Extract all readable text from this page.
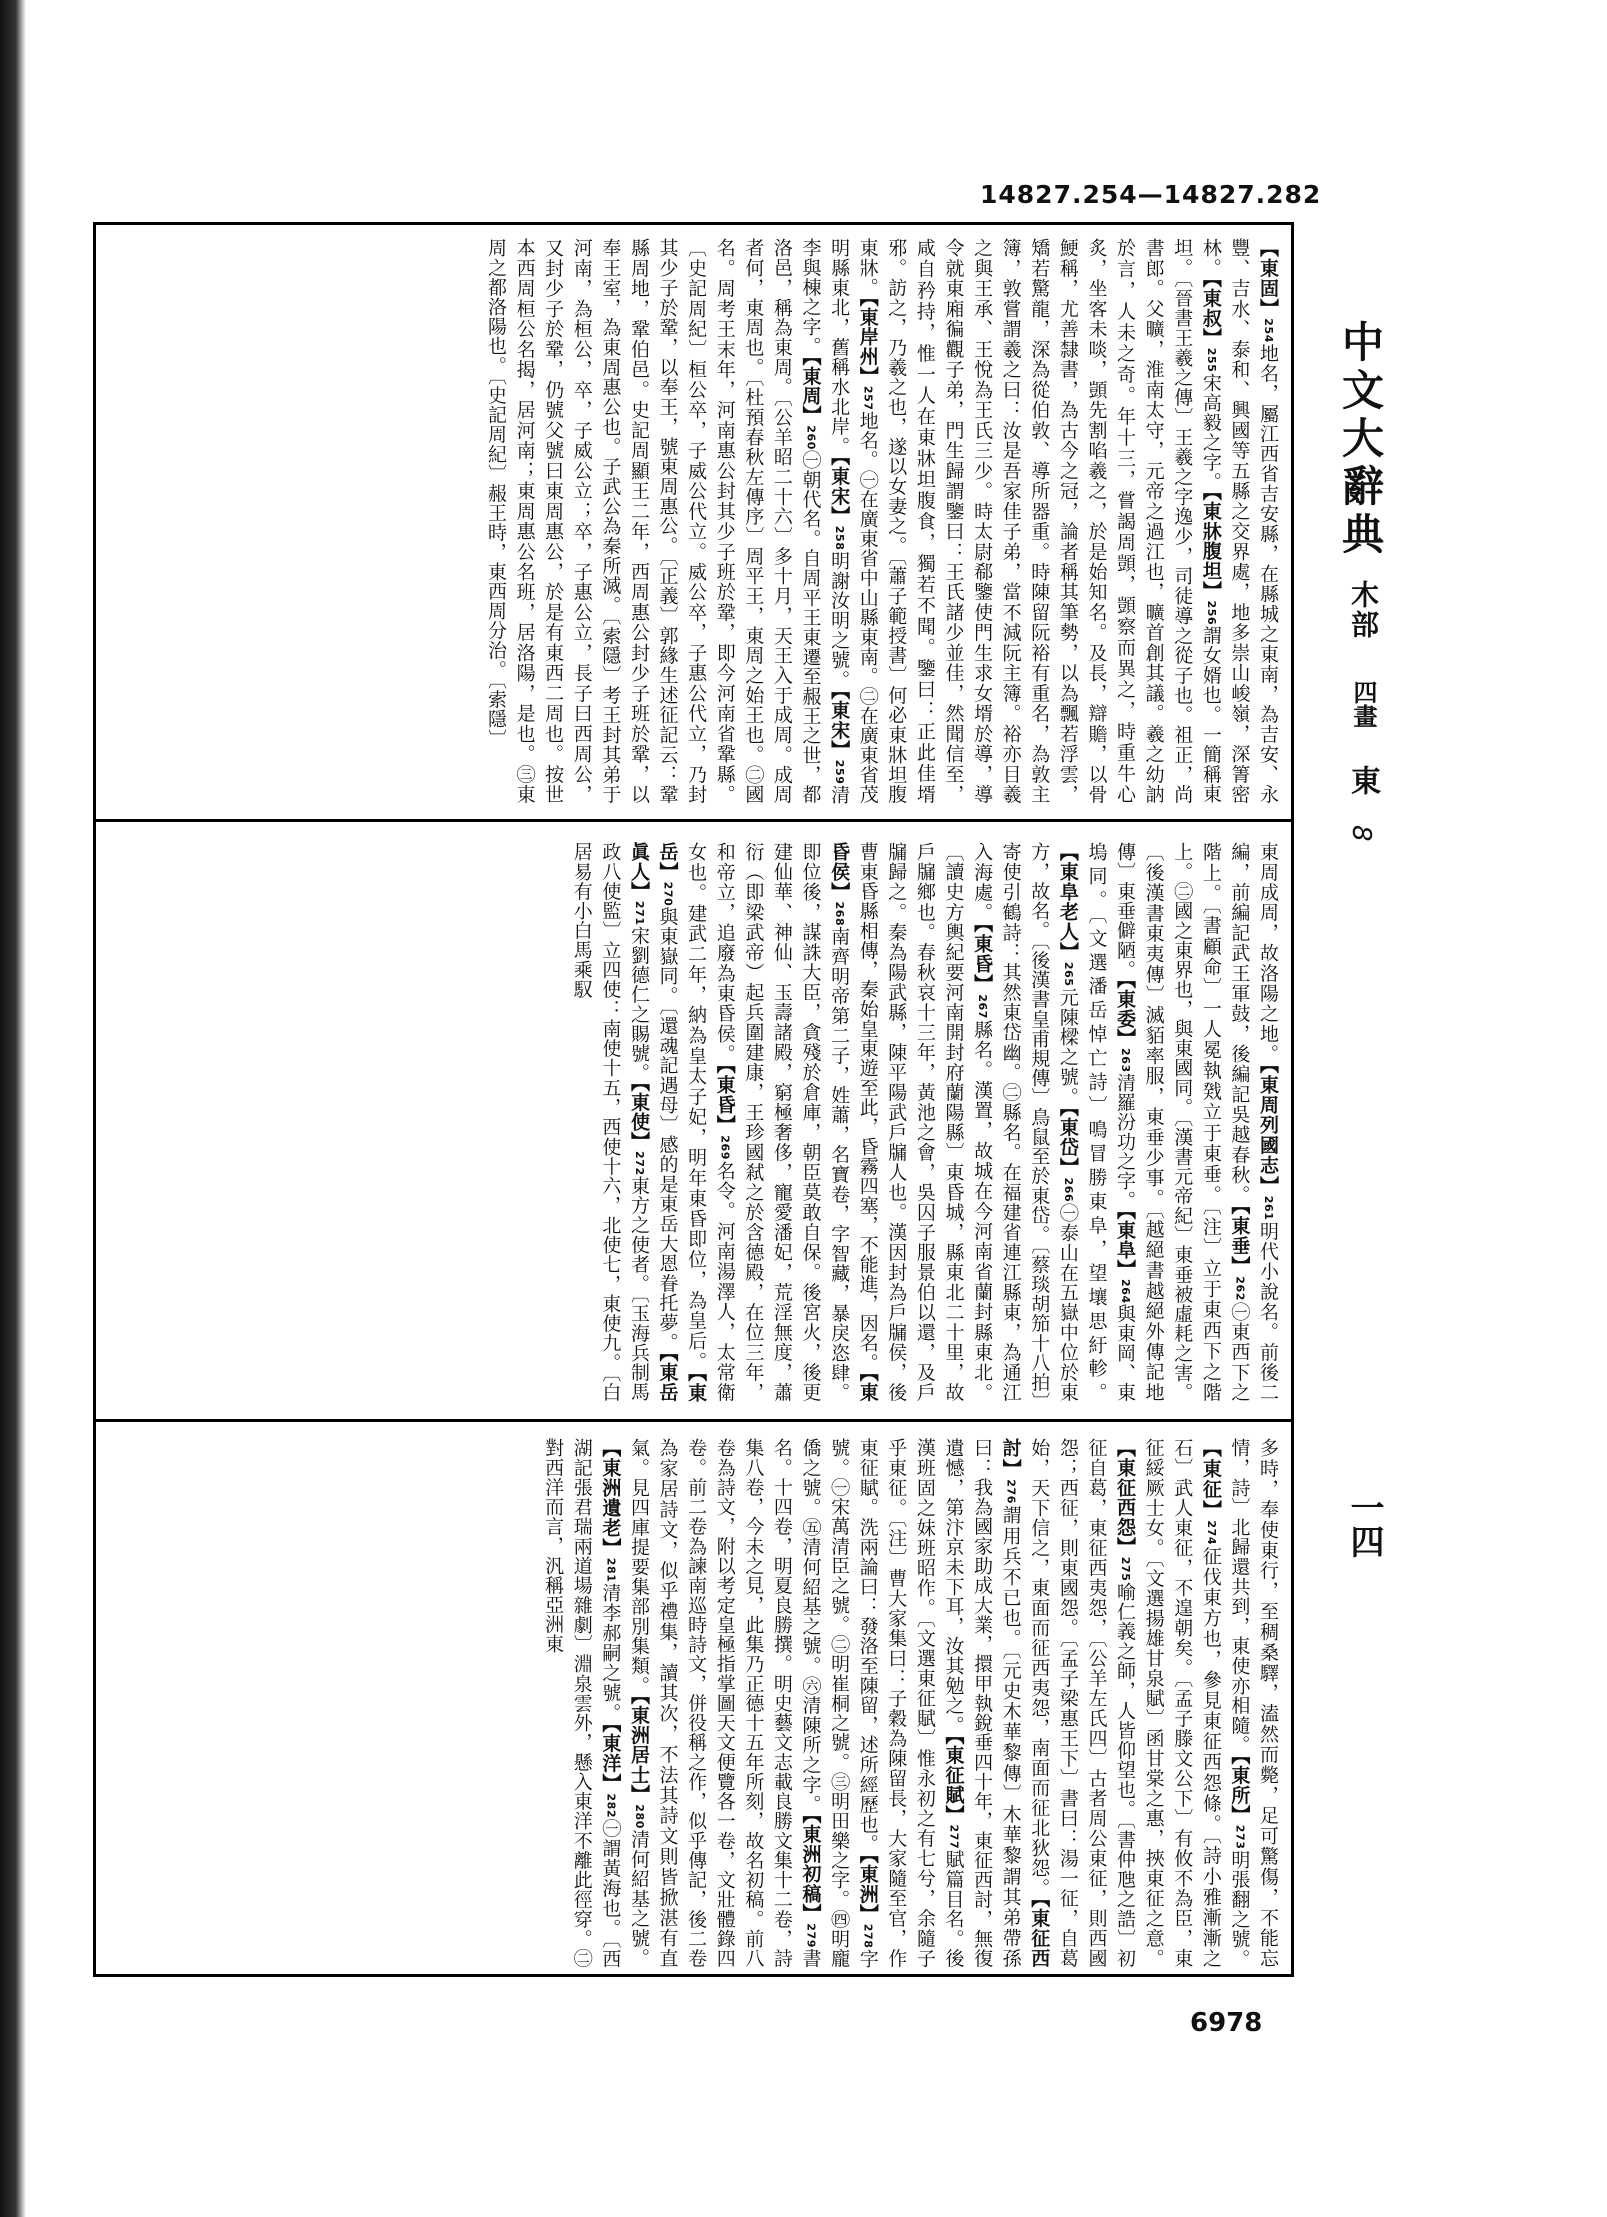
14827.254—14827.282
中文大辭典
木部
四畫
東
8
一四
【東固】254地名，屬江西省吉安縣，在縣城之東南，為吉安、永豐、吉水、泰和、興國等五縣之交界處，地多崇山峻嶺，深箐密林。【東叔】255宋高毅之字。【東牀腹坦】256謂女婿也。一簡稱東坦。〔晉書王羲之傳〕王羲之字逸少，司徒導之從子也。祖正，尚書郎。父曠，淮南太守，元帝之過江也，曠首創其議。羲之幼訥於言，人未之奇。年十三，嘗謁周顗，顗察而異之，時重牛心炙，坐客未啖，顗先割啗羲之，於是始知名。及長，辯贍，以骨鯁稱，尤善隸書，為古今之冠，論者稱其筆勢，以為飄若浮雲，矯若驚龍，深為從伯敦、導所器重。時陳留阮裕有重名，為敦主簿，敦嘗謂羲之曰：汝是吾家佳子弟，當不減阮主簿。裕亦目羲之與王承、王悅為王氏三少。時太尉郗鑒使門生求女壻於導，導令就東廂徧觀子弟，門生歸謂鑒曰：王氏諸少並佳，然聞信至，咸自矜持，惟一人在東牀坦腹食，獨若不聞。鑒曰：正此佳壻邪。訪之，乃羲之也，遂以女妻之。〔蕭子範授書〕何必東牀坦腹東牀。【東岸州】257地名。㊀在廣東省中山縣東南。㊁在廣東省茂明縣東北，舊稱水北岸。【東宋】258明謝汝明之號。【東宋】259清李與棟之字。【東周】260㊀朝代名。自周平王東遷至赧王之世，都洛邑，稱為東周。〔公羊昭二十六〕多十月，天王入于成周。成周者何，東周也。〔杜預春秋左傳序〕周平王，東周之始王也。㊁國名。周考王末年，河南惠公封其少子班於鞏，即今河南省鞏縣。〔史記周紀〕桓公卒，子威公代立。威公卒，子惠公代立，乃封其少子於鞏，以奉王，號東周惠公。〔正義〕郭緣生述征記云：鞏縣周地，鞏伯邑。史記周顯王二年，西周惠公封少子班於鞏，以奉王室，為東周惠公也。子武公為秦所滅。〔索隱〕考王封其弟于河南，為桓公，卒，子威公立；卒，子惠公立，長子曰西周公，又封少子於鞏，仍號父號曰東周惠公，於是有東西二周也。按世本西周桓公名揭，居河南；東周惠公名班，居洛陽，是也。㊂東周之都洛陽也。〔史記周紀〕赧王時，東西周分治。〔索隱〕
東周成周，故洛陽之地。【東周列國志】261明代小說名。前後二編，前編記武王軍鼓，後編記吳越春秋。【東垂】262㊀東西下之階上。〔書顧命〕一人冕執戣立于東垂。〔注〕立于東西下之階上。㊁國之東界也，與東國同。〔漢書元帝紀〕東垂被虛耗之害。〔後漢書東夷傳〕滅貊率服，東垂少事。〔越絕書越絕外傳記地傳〕東垂僻陋。【東委】263清羅汾功之字。【東阜】264與東岡、東塢同。〔文選潘岳悼亡詩〕鳴冒勝東阜，望壤思紆軫。【東阜老人】265元陳樑之號。【東岱】266㊀泰山在五嶽中位於東方，故名。〔後漢書皇甫規傳〕鳥鼠至於東岱。〔蔡琰胡笳十八拍〕寄使引鶴詩：其然東岱幽。㊁縣名。在福建省連江縣東，為通江入海處。【東昏】267縣名。漢置，故城在今河南省蘭封縣東北。〔讀史方輿紀要河南開封府蘭陽縣〕東昏城，縣東北二十里，故戶牖鄉也。春秋哀十三年，黃池之會，吳囚子服景伯以還，及戶牖歸之。秦為陽武縣，陳平陽武戶牖人也。漢因封為戶牖侯，後曹東昏縣相傳，秦始皇東遊至此，昏霧四塞，不能進，因名。【東昏侯】268南齊明帝第二子，姓蕭，名寶卷，字智藏，暴戾恣肆。即位後，謀誅大臣，貪殘於倉庫，朝臣莫敢自保。後宮火，後更建仙華、神仙、玉壽諸殿，窮極奢侈，寵愛潘妃，荒淫無度，蕭衍（即梁武帝）起兵圍建康，王珍國弒之於含德殿，在位三年，和帝立，追廢為東昏侯。【東昏】269名令。河南湯澤人，太常衛女也。建武二年，納為皇太子妃，明年東昏即位，為皇后。【東岳】270與東嶽同。〔還魂記遇母〕感的是東岳大恩眷托夢。【東岳眞人】271宋劉德仁之賜號。【東使】272東方之使者。〔玉海兵制馬政八使監〕立四使：南使十五，西使十六，北使七，東使九。〔白居易有小白馬乘馭
多時，奉使東行，至稠桑驛，溘然而斃，足可驚傷，不能忘情，詩〕北歸還共到，東使亦相隨。【東所】273明張翻之號。【東征】274征伐東方也，參見東征西怨條。〔詩小雅漸漸之石〕武人東征，不遑朝矣。〔孟子滕文公下〕有攸不為臣，東征綏厥士女。〔文選揚雄甘泉賦〕函甘棠之惠，挾東征之意。【東征西怨】275喻仁義之師，人皆仰望也。〔書仲虺之誥〕初征自葛，東征西夷怨，〔公羊左氏四〕古者周公東征，則西國怨；西征，則東國怨。〔孟子梁惠王下〕書曰：湯一征，自葛始，天下信之，東面而征西夷怨，南面而征北狄怨。【東征西討】276謂用兵不已也。〔元史木華黎傳〕木華黎謂其弟帶孫曰：我為國家助成大業，擐甲執銳垂四十年，東征西討，無復遺憾，第汴京未下耳，汝其勉之。【東征賦】277賦篇目名。後漢班固之妹班昭作。〔文選東征賦〕惟永初之有七兮，余隨子乎東征。〔注〕曹大家集曰：子穀為陳留長，大家隨至官，作東征賦。洗兩論曰：發洛至陳留，述所經歷也。【東洲】278字號。㊀宋萬清臣之號。㊁明崔桐之號。㊂明田樂之字。㊃明龐僑之號。㊄清何紹基之號。㊅清陳所之字。【東洲初稿】279書名。十四卷，明夏良勝撰。明史藝文志載良勝文集十二卷，詩集八卷，今未之見，此集乃正德十五年所刻，故名初稿。前八卷為詩文，附以考定皇極指掌圖天文便覽各一卷，文壯體錄四卷。前二卷為諫南巡時詩文，併役稱之作，似乎傳記，後二卷為家居詩文，似乎禮集，讀其次，不法其詩文則皆掀湛有直氣。見四庫提要集部別集類。【東洲居士】280清何紹基之號。【東洲遺老】281清李郝嗣之號。【東洋】282㊀謂黃海也。〔西湖記張君瑞兩道場雜劇〕淵泉雲外，懸入東洋不離此徑穿。㊁對西洋而言，汎稱亞洲東
6978
